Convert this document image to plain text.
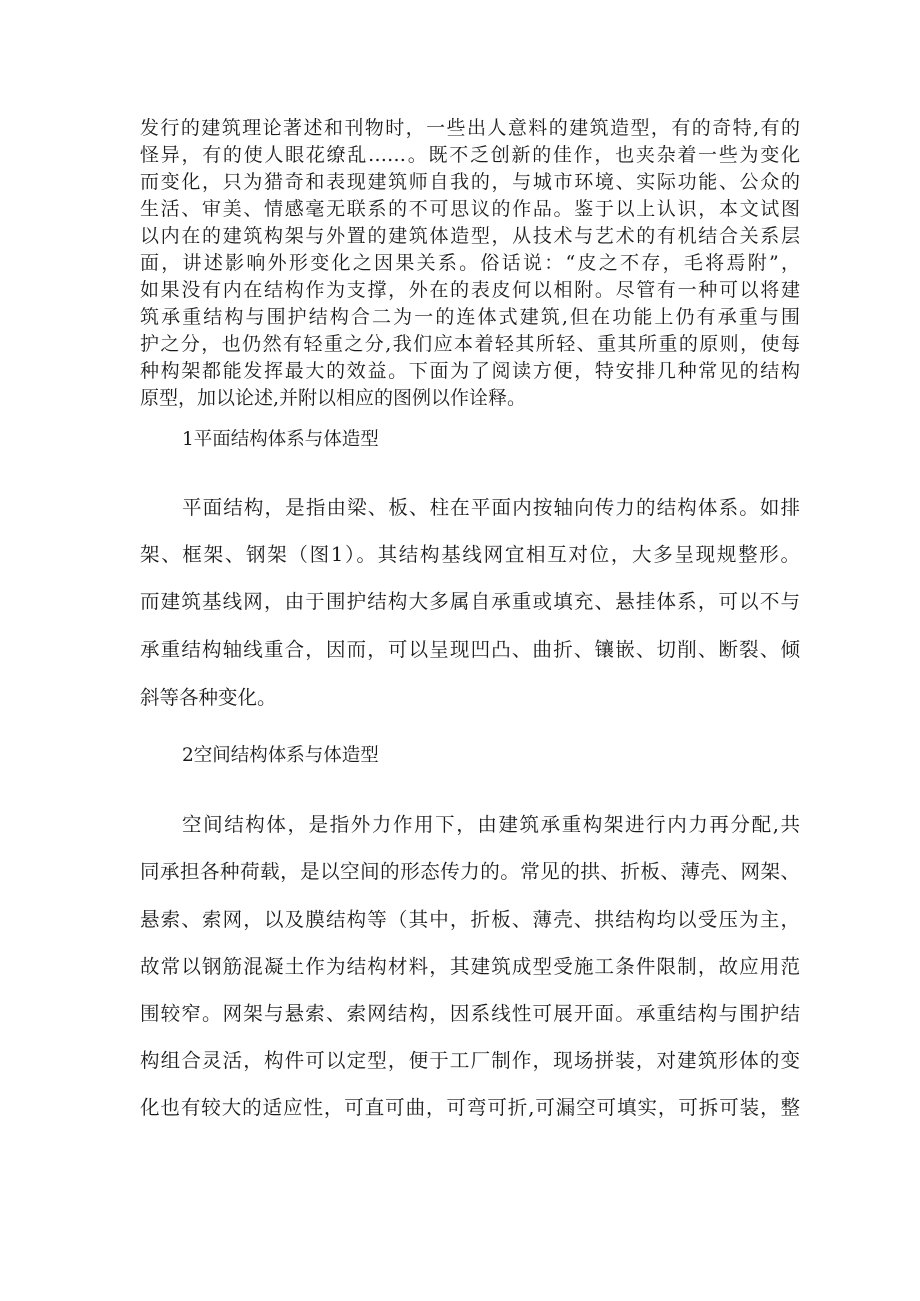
发行的建筑理论著述和刊物时，一些出人意料的建筑造型，有的奇特,有的
怪异，有的使人眼花缭乱……。既不乏创新的佳作，也夹杂着一些为变化
而变化，只为猎奇和表现建筑师自我的，与城市环境、实际功能、公众的
生活、审美、情感毫无联系的不可思议的作品。鉴于以上认识，本文试图
以内在的建筑构架与外置的建筑体造型，从技术与艺术的有机结合关系层
面，讲述影响外形变化之因果关系。俗话说：“皮之不存，毛将焉附”，
如果没有内在结构作为支撑，外在的表皮何以相附。尽管有一种可以将建
筑承重结构与围护结构合二为一的连体式建筑,但在功能上仍有承重与围
护之分，也仍然有轻重之分,我们应本着轻其所轻、重其所重的原则，使每
种构架都能发挥最大的效益。下面为了阅读方便，特安排几种常见的结构
原型，加以论述,并附以相应的图例以作诠释。
1平面结构体系与体造型
平面结构，是指由梁、板、柱在平面内按轴向传力的结构体系。如排
架、框架、钢架（图1）。其结构基线网宜相互对位，大多呈现规整形。
而建筑基线网，由于围护结构大多属自承重或填充、悬挂体系，可以不与
承重结构轴线重合，因而，可以呈现凹凸、曲折、镶嵌、切削、断裂、倾
斜等各种变化。
2空间结构体系与体造型
空间结构体，是指外力作用下，由建筑承重构架进行内力再分配,共
同承担各种荷载，是以空间的形态传力的。常见的拱、折板、薄壳、网架、
悬索、索网，以及膜结构等（其中，折板、薄壳、拱结构均以受压为主，
故常以钢筋混凝土作为结构材料，其建筑成型受施工条件限制，故应用范
围较窄。网架与悬索、索网结构，因系线性可展开面。承重结构与围护结
构组合灵活，构件可以定型，便于工厂制作，现场拼装，对建筑形体的变
化也有较大的适应性，可直可曲，可弯可折,可漏空可填实，可拆可装，整
